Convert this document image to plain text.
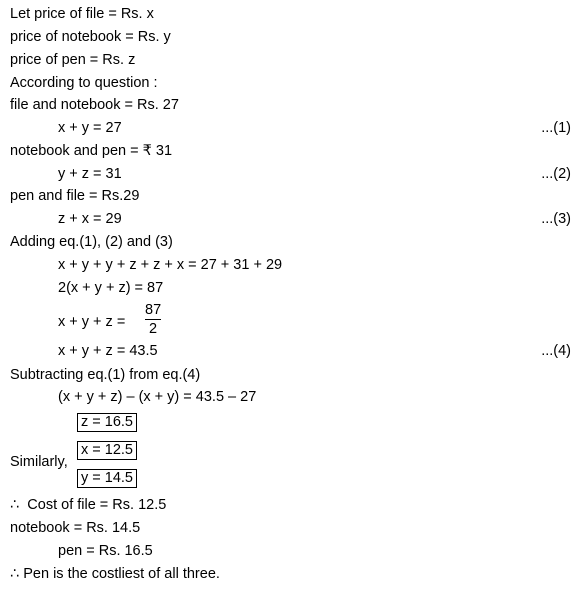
Let price of file = Rs. x
price of notebook = Rs. y
price of pen = Rs. z
According to question :
file and notebook = Rs. 27
x + y = 27	...(1)
notebook and pen = ₹ 31
y + z = 31	...(2)
pen and file = Rs.29
z + x = 29	...(3)
Adding eq.(1), (2) and (3)
x + y + y + z + z + x = 27 + 31 + 29
2(x + y + z) = 87
x + y + z =
87
2
x + y + z = 43.5	...(4)
Subtracting eq.(1) from eq.(4)
(x + y + z) – (x + y) = 43.5 – 27
z = 16.5
Similarly,
x = 12.5
y = 14.5
∴  Cost of file = Rs. 12.5
notebook = Rs. 14.5
pen = Rs. 16.5
∴ Pen is the costliest of all three.
